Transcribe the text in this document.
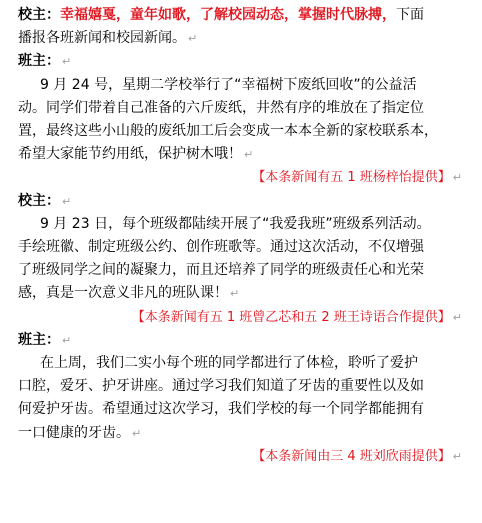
校主：幸福嬉戛，童年如歌，了解校园动态，掌握时代脉搏，下面
播报各班新闻和校园新闻。 ↵
班主： ↵
9 月 24 号，星期二学校举行了“幸福树下废纸回收”的公益活
动。同学们带着自己准备的六斤废纸，井然有序的堆放在了指定位
置，最终这些小山般的废纸加工后会变成一本本全新的家校联系本，
希望大家能节约用纸，保护树木哦！ ↵
【本条新闻有五 1 班杨梓怡提供】 ↵
校主： ↵
9 月 23 日，每个班级都陆续开展了“我爱我班”班级系列活动。
手绘班徽、制定班级公约、创作班歌等。通过这次活动，不仅增强
了班级同学之间的凝聚力，而且还培养了同学的班级责任心和光荣
感，真是一次意义非凡的班队课！ ↵
【本条新闻有五 1 班曾乙芯和五 2 班王诗语合作提供】 ↵
班主： ↵
在上周，我们二实小每个班的同学都进行了体检，聆听了爱护
口腔，爱牙、护牙讲座。通过学习我们知道了牙齿的重要性以及如
何爱护牙齿。希望通过这次学习，我们学校的每一个同学都能拥有
一口健康的牙齿。 ↵
【本条新闻由三 4 班刘欣雨提供】 ↵
